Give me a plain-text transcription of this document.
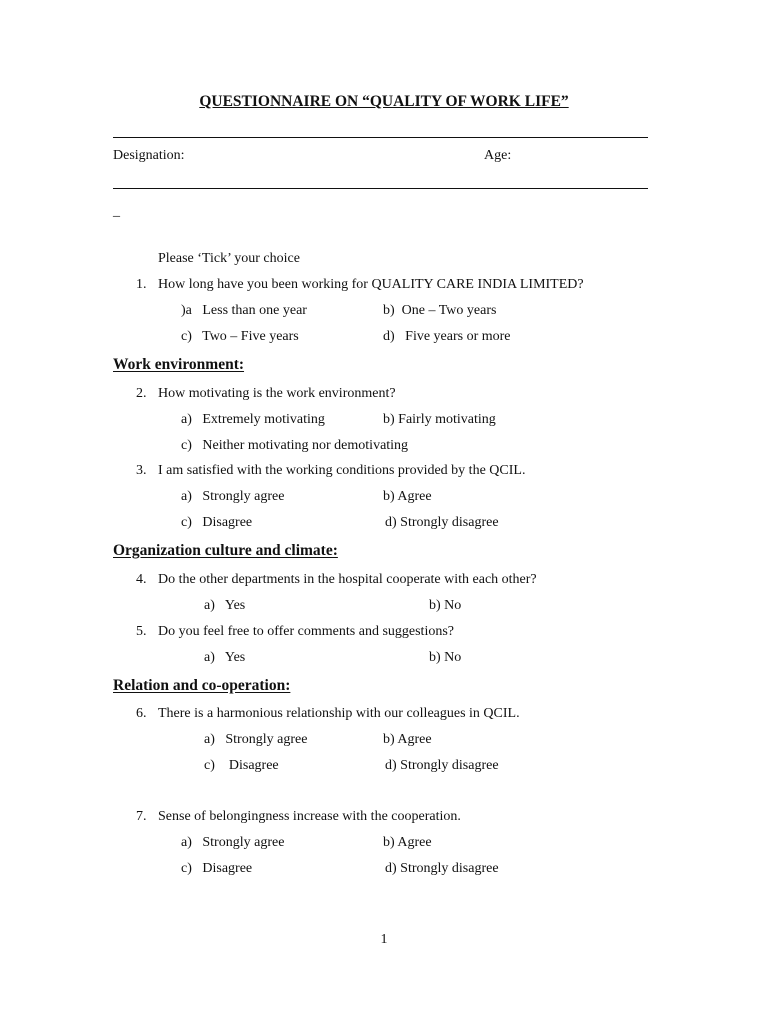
QUESTIONNAIRE ON “QUALITY OF WORK LIFE”
Designation:	Age:
_
Please ‘Tick’ your choice
1. How long have you been working for QUALITY CARE INDIA LIMITED?
)a   Less than one year	b)  One – Two years
c)   Two – Five years	d)   Five years or more
Work environment:
2. How motivating is the work environment?
a)   Extremely motivating	b) Fairly motivating
c)   Neither motivating nor demotivating
3. I am satisfied with the working conditions provided by the QCIL.
a)   Strongly agree	b) Agree
c)   Disagree	d) Strongly disagree
Organization culture and climate:
4. Do the other departments in the hospital cooperate with each other?
a)   Yes	b) No
5. Do you feel free to offer comments and suggestions?
a)   Yes	b) No
Relation and co-operation:
6. There is a harmonious relationship with our colleagues in QCIL.
a)   Strongly agree	b) Agree
c)    Disagree	d) Strongly disagree
7. Sense of belongingness increase with the cooperation.
a)   Strongly agree	b) Agree
c)   Disagree	d) Strongly disagree
1
